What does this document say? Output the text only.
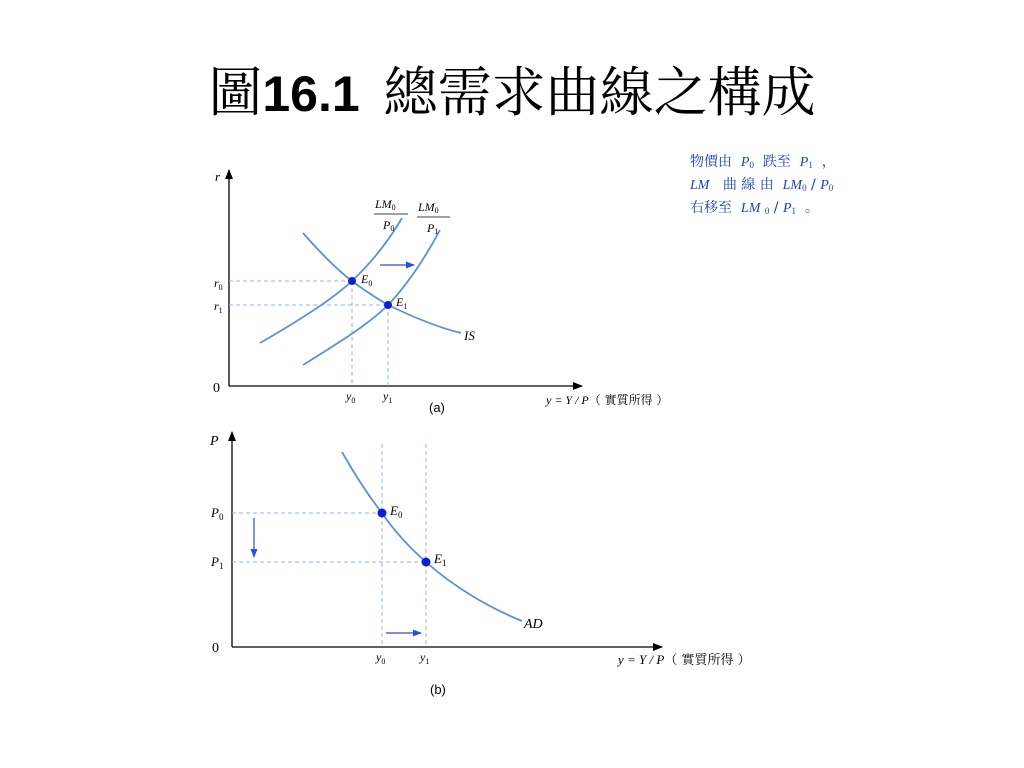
圖16.1 總需求曲線之構成
物價由 $P_0$ 跌至 $P_1$ ，
LM 曲 線 由 $LM_0 / P_0$
右移至 LM $_0 / P_1$ 。
r
0
$r_0$
$r_1$
LM0
P0
LM0
P1
$E_0$
$E_1$
IS
$y_0$ $y_1$	y = Y / P（ 實質所得 ）
(a)
P
0
$P_0$
$P_1$
$E_0$
$E_1$
AD
$y_0$	$y_1$	y = Y / P（ 實質所得 ）
(b)
